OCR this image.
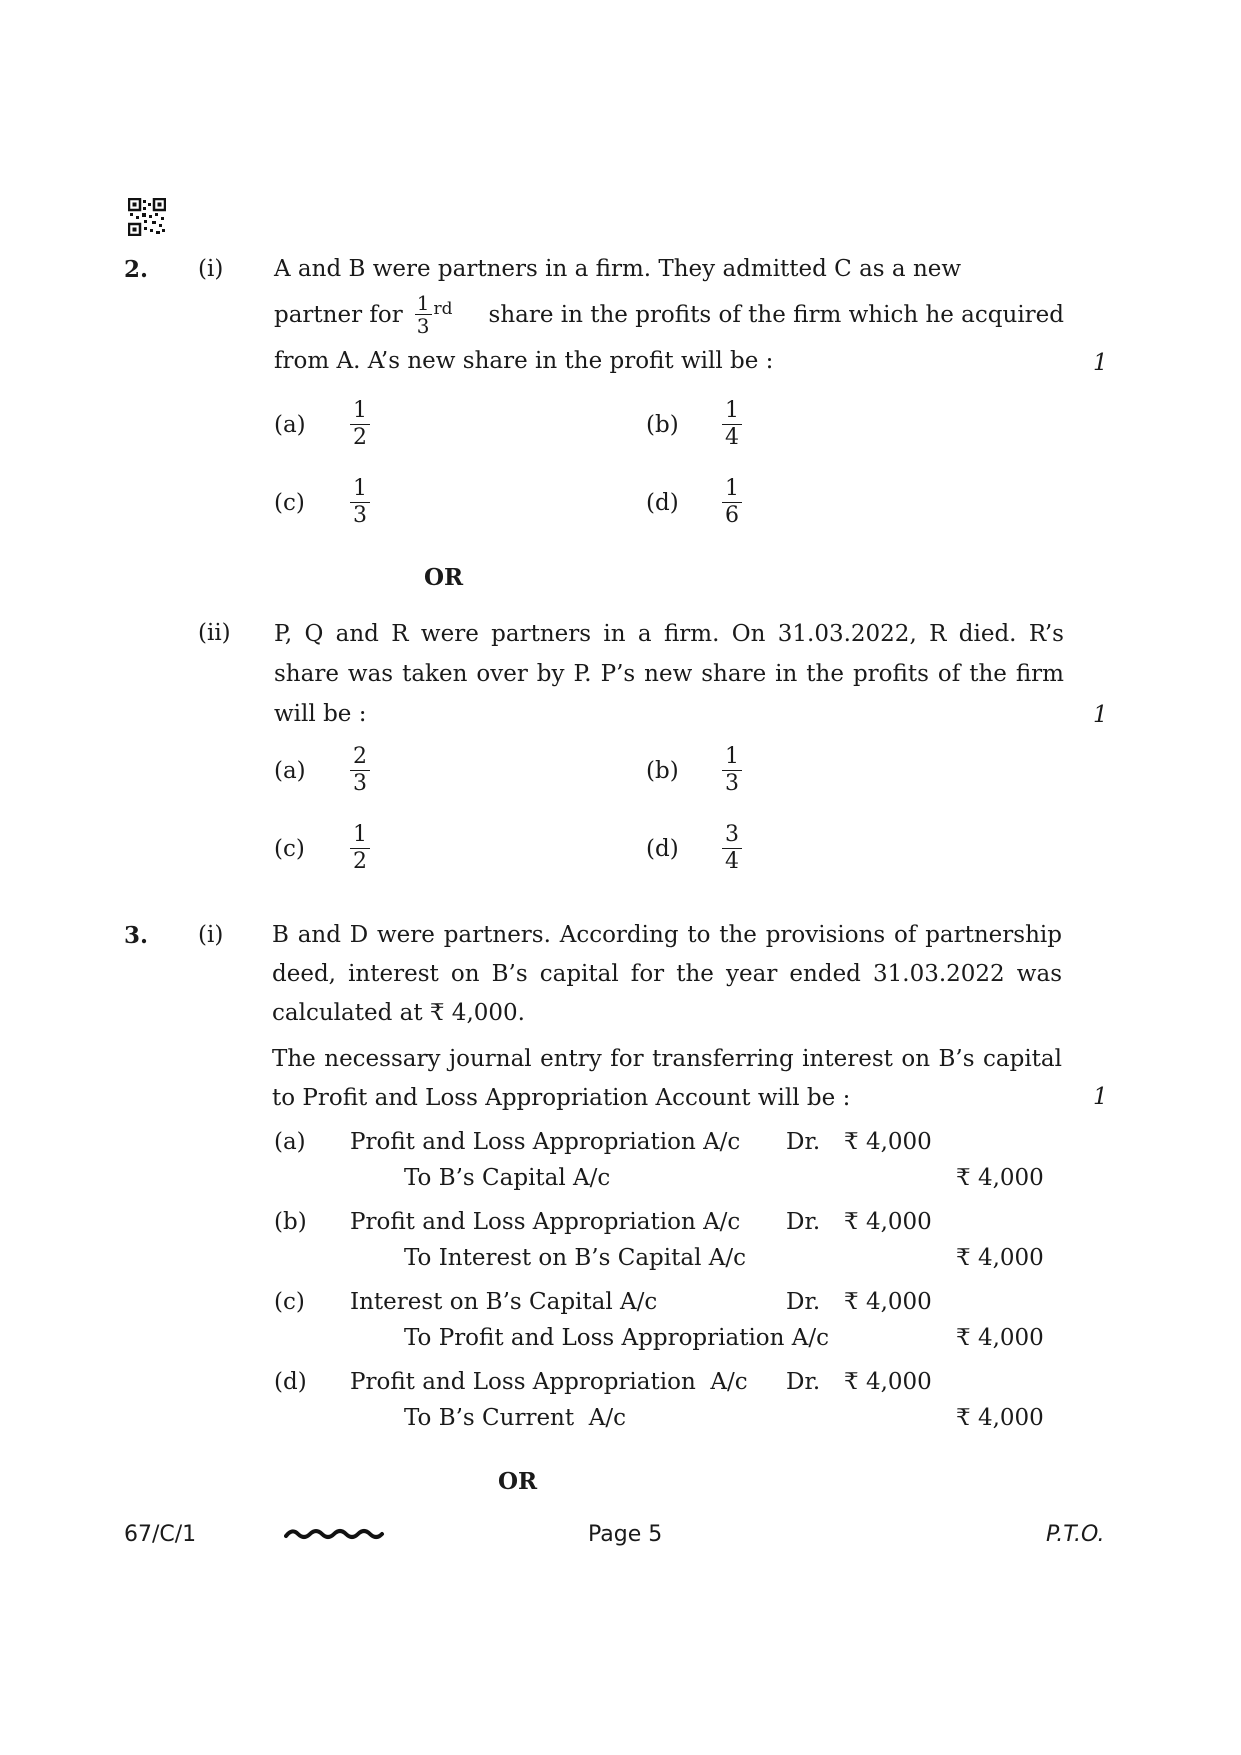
2. (i) A and B were partners in a firm. They admitted C as a new
partner for $\frac{1}{3}^{rd}$ share in the profits of the firm which he acquired
from A. A’s new share in the profit will be :	1
$(a) \frac{1}{2}$	$(b) \frac{1}{4}$
$(c) \frac{1}{3}$	$(d) \frac{1}{6}$
OR
(ii) P, Q and R were partners in a firm. On 31.03.2022, R died. R’s
share was taken over by P. P’s new share in the profits of the firm
will be :	1
$(a) \frac{2}{3}$	$(b) \frac{1}{3}$
$(c) \frac{1}{2}$	$(d) \frac{3}{4}$
3. (i) B and D were partners. According to the provisions of partnership
deed, interest on B’s capital for the year ended 31.03.2022 was
calculated at ₹ 4,000.
The necessary journal entry for transferring interest on B’s capital
to Profit and Loss Appropriation Account will be :	1
(a) Profit and Loss Appropriation A/c Dr. ₹ 4,000
To B’s Capital A/c	₹ 4,000
(b) Profit and Loss Appropriation A/c Dr. ₹ 4,000
To Interest on B’s Capital A/c	₹ 4,000
(c) Interest on B’s Capital A/c	Dr. ₹ 4,000
To Profit and Loss Appropriation A/c	₹ 4,000
(d) Profit and Loss Appropriation  A/c Dr. ₹ 4,000
To B’s Current  A/c	₹ 4,000
OR
67/C/1	Page 5	P.T.O.
